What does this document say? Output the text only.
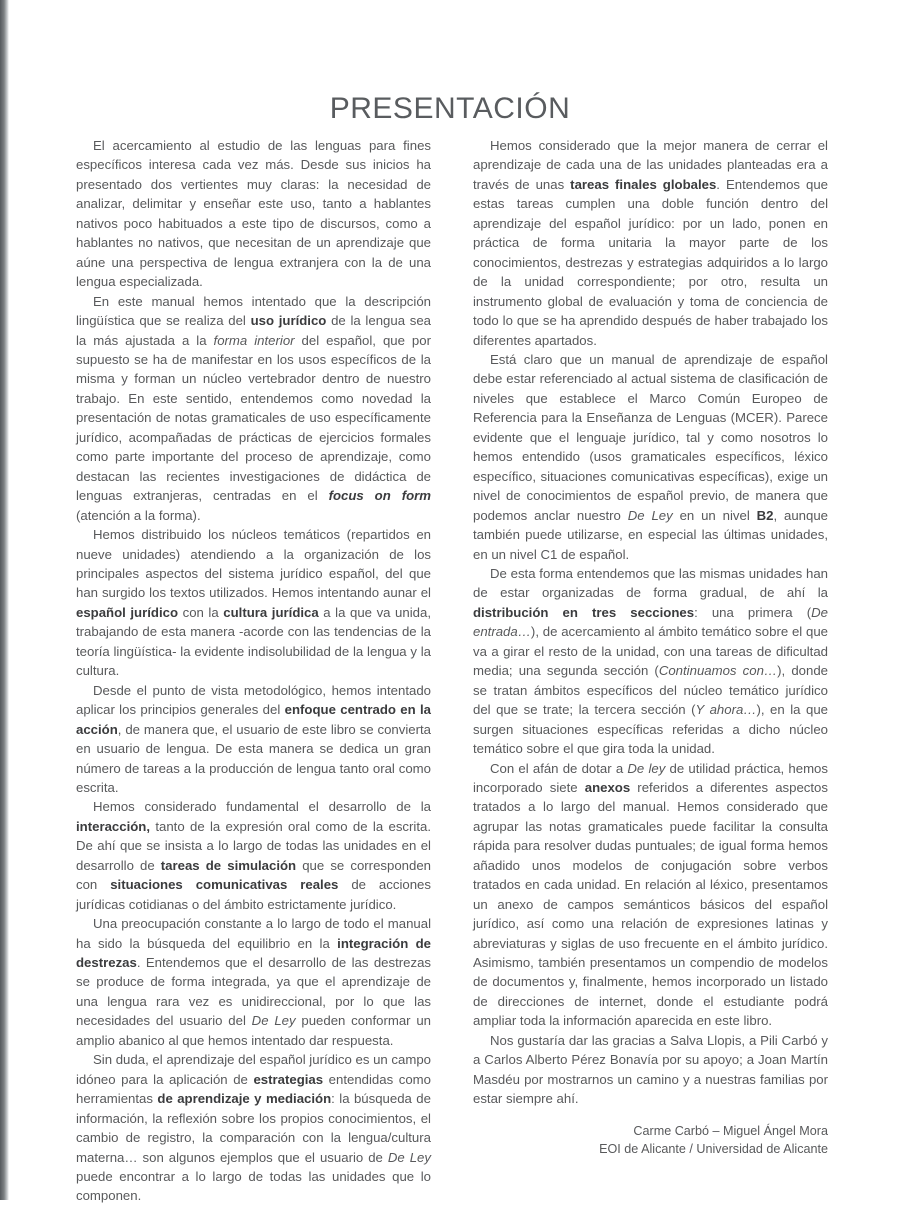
PRESENTACIÓN

El acercamiento al estudio de las lenguas para fines específicos interesa cada vez más. Desde sus inicios ha presentado dos vertientes muy claras: la necesidad de analizar, delimitar y enseñar este uso, tanto a hablantes nativos poco habituados a este tipo de discursos, como a hablantes no nativos, que necesitan de un aprendizaje que aúne una perspectiva de lengua extranjera con la de una lengua especializada.

En este manual hemos intentado que la descripción lingüística que se realiza del uso jurídico de la lengua sea la más ajustada a la forma interior del español, que por supuesto se ha de manifestar en los usos específicos de la misma y forman un núcleo vertebrador dentro de nuestro trabajo. En este sentido, entendemos como novedad la presentación de notas gramaticales de uso específicamente jurídico, acompañadas de prácticas de ejercicios formales como parte importante del proceso de aprendizaje, como destacan las recientes investigaciones de didáctica de lenguas extranjeras, centradas en el focus on form (atención a la forma).

Hemos distribuido los núcleos temáticos (repartidos en nueve unidades) atendiendo a la organización de los principales aspectos del sistema jurídico español, del que han surgido los textos utilizados. Hemos intentando aunar el español jurídico con la cultura jurídica a la que va unida, trabajando de esta manera -acorde con las tendencias de la teoría lingüística- la evidente indisolubilidad de la lengua y la cultura.

Desde el punto de vista metodológico, hemos intentado aplicar los principios generales del enfoque centrado en la acción, de manera que, el usuario de este libro se convierta en usuario de lengua. De esta manera se dedica un gran número de tareas a la producción de lengua tanto oral como escrita.

Hemos considerado fundamental el desarrollo de la interacción, tanto de la expresión oral como de la escrita. De ahí que se insista a lo largo de todas las unidades en el desarrollo de tareas de simulación que se corresponden con situaciones comunicativas reales de acciones jurídicas cotidianas o del ámbito estrictamente jurídico.

Una preocupación constante a lo largo de todo el manual ha sido la búsqueda del equilibrio en la integración de destrezas. Entendemos que el desarrollo de las destrezas se produce de forma integrada, ya que el aprendizaje de una lengua rara vez es unidireccional, por lo que las necesidades del usuario del De Ley pueden conformar un amplio abanico al que hemos intentado dar respuesta.

Sin duda, el aprendizaje del español jurídico es un campo idóneo para la aplicación de estrategias entendidas como herramientas de aprendizaje y mediación: la búsqueda de información, la reflexión sobre los propios conocimientos, el cambio de registro, la comparación con la lengua/cultura materna… son algunos ejemplos que el usuario de De Ley puede encontrar a lo largo de todas las unidades que lo componen.

Hemos considerado que la mejor manera de cerrar el aprendizaje de cada una de las unidades planteadas era a través de unas tareas finales globales. Entendemos que estas tareas cumplen una doble función dentro del aprendizaje del español jurídico: por un lado, ponen en práctica de forma unitaria la mayor parte de los conocimientos, destrezas y estrategias adquiridos a lo largo de la unidad correspondiente; por otro, resulta un instrumento global de evaluación y toma de conciencia de todo lo que se ha aprendido después de haber trabajado los diferentes apartados.

Está claro que un manual de aprendizaje de español debe estar referenciado al actual sistema de clasificación de niveles que establece el Marco Común Europeo de Referencia para la Enseñanza de Lenguas (MCER). Parece evidente que el lenguaje jurídico, tal y como nosotros lo hemos entendido (usos gramaticales específicos, léxico específico, situaciones comunicativas específicas), exige un nivel de conocimientos de español previo, de manera que podemos anclar nuestro De Ley en un nivel B2, aunque también puede utilizarse, en especial las últimas unidades, en un nivel C1 de español.

De esta forma entendemos que las mismas unidades han de estar organizadas de forma gradual, de ahí la distribución en tres secciones: una primera (De entrada…), de acercamiento al ámbito temático sobre el que va a girar el resto de la unidad, con una tareas de dificultad media; una segunda sección (Continuamos con…), donde se tratan ámbitos específicos del núcleo temático jurídico del que se trate; la tercera sección (Y ahora…), en la que surgen situaciones específicas referidas a dicho núcleo temático sobre el que gira toda la unidad.

Con el afán de dotar a De ley de utilidad práctica, hemos incorporado siete anexos referidos a diferentes aspectos tratados a lo largo del manual. Hemos considerado que agrupar las notas gramaticales puede facilitar la consulta rápida para resolver dudas puntuales; de igual forma hemos añadido unos modelos de conjugación sobre verbos tratados en cada unidad. En relación al léxico, presentamos un anexo de campos semánticos básicos del español jurídico, así como una relación de expresiones latinas y abreviaturas y siglas de uso frecuente en el ámbito jurídico. Asimismo, también presentamos un compendio de modelos de documentos y, finalmente, hemos incorporado un listado de direcciones de internet, donde el estudiante podrá ampliar toda la información aparecida en este libro.

Nos gustaría dar las gracias a Salva Llopis, a Pili Carbó y a Carlos Alberto Pérez Bonavía por su apoyo; a Joan Martín Masdéu por mostrarnos un camino y a nuestras familias por estar siempre ahí.

Carme Carbó – Miguel Ángel Mora
EOI de Alicante / Universidad de Alicante
